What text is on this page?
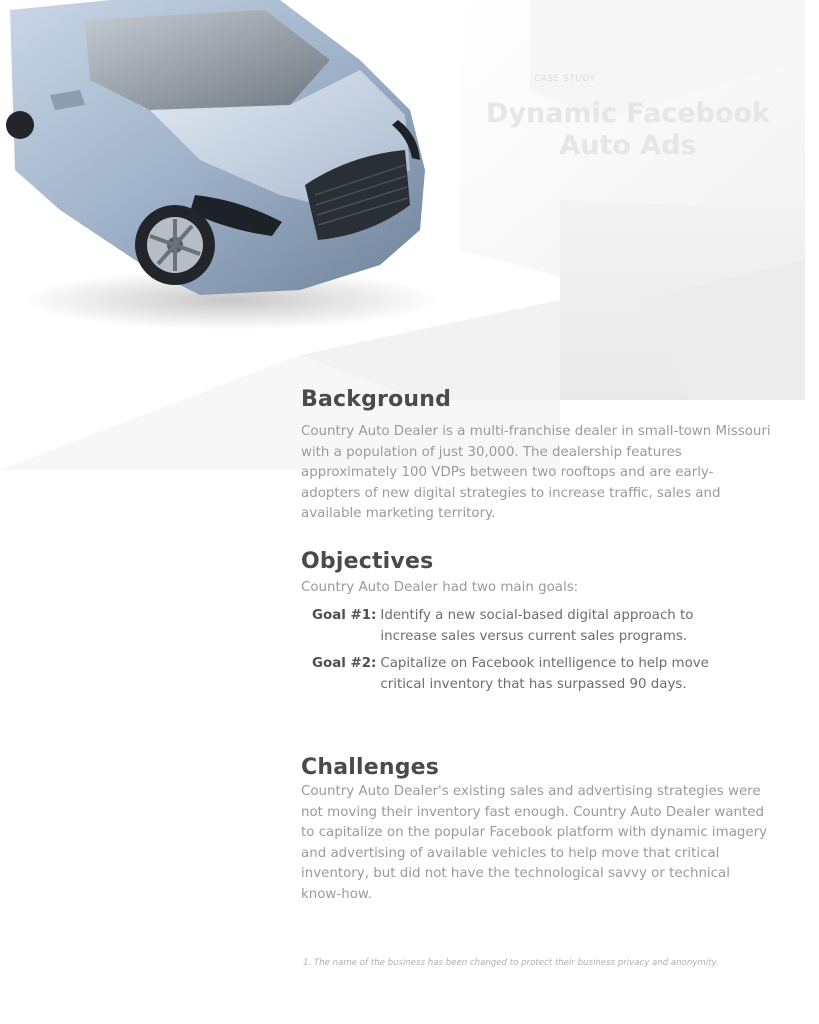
CASE STUDY
Dynamic Facebook
Auto Ads
Background

Country Auto Dealer is a multi-franchise dealer in small-town Missouri with a population of just 30,000. The dealership features approximately 100 VDPs between two rooftops and are early-adopters of new digital strategies to increase traffic, sales and available marketing territory.

Objectives

Country Auto Dealer had two main goals:

Goal #1: Identify a new social-based digital approach to increase sales versus current sales programs.
Goal #2: Capitalize on Facebook intelligence to help move critical inventory that has surpassed 90 days.
Challenges

Country Auto Dealer's existing sales and advertising strategies were not moving their inventory fast enough. Country Auto Dealer wanted to capitalize on the popular Facebook platform with dynamic imagery and advertising of available vehicles to help move that critical inventory, but did not have the technological savvy or technical know-how.

1. The name of the business has been changed to protect their business privacy and anonymity.
